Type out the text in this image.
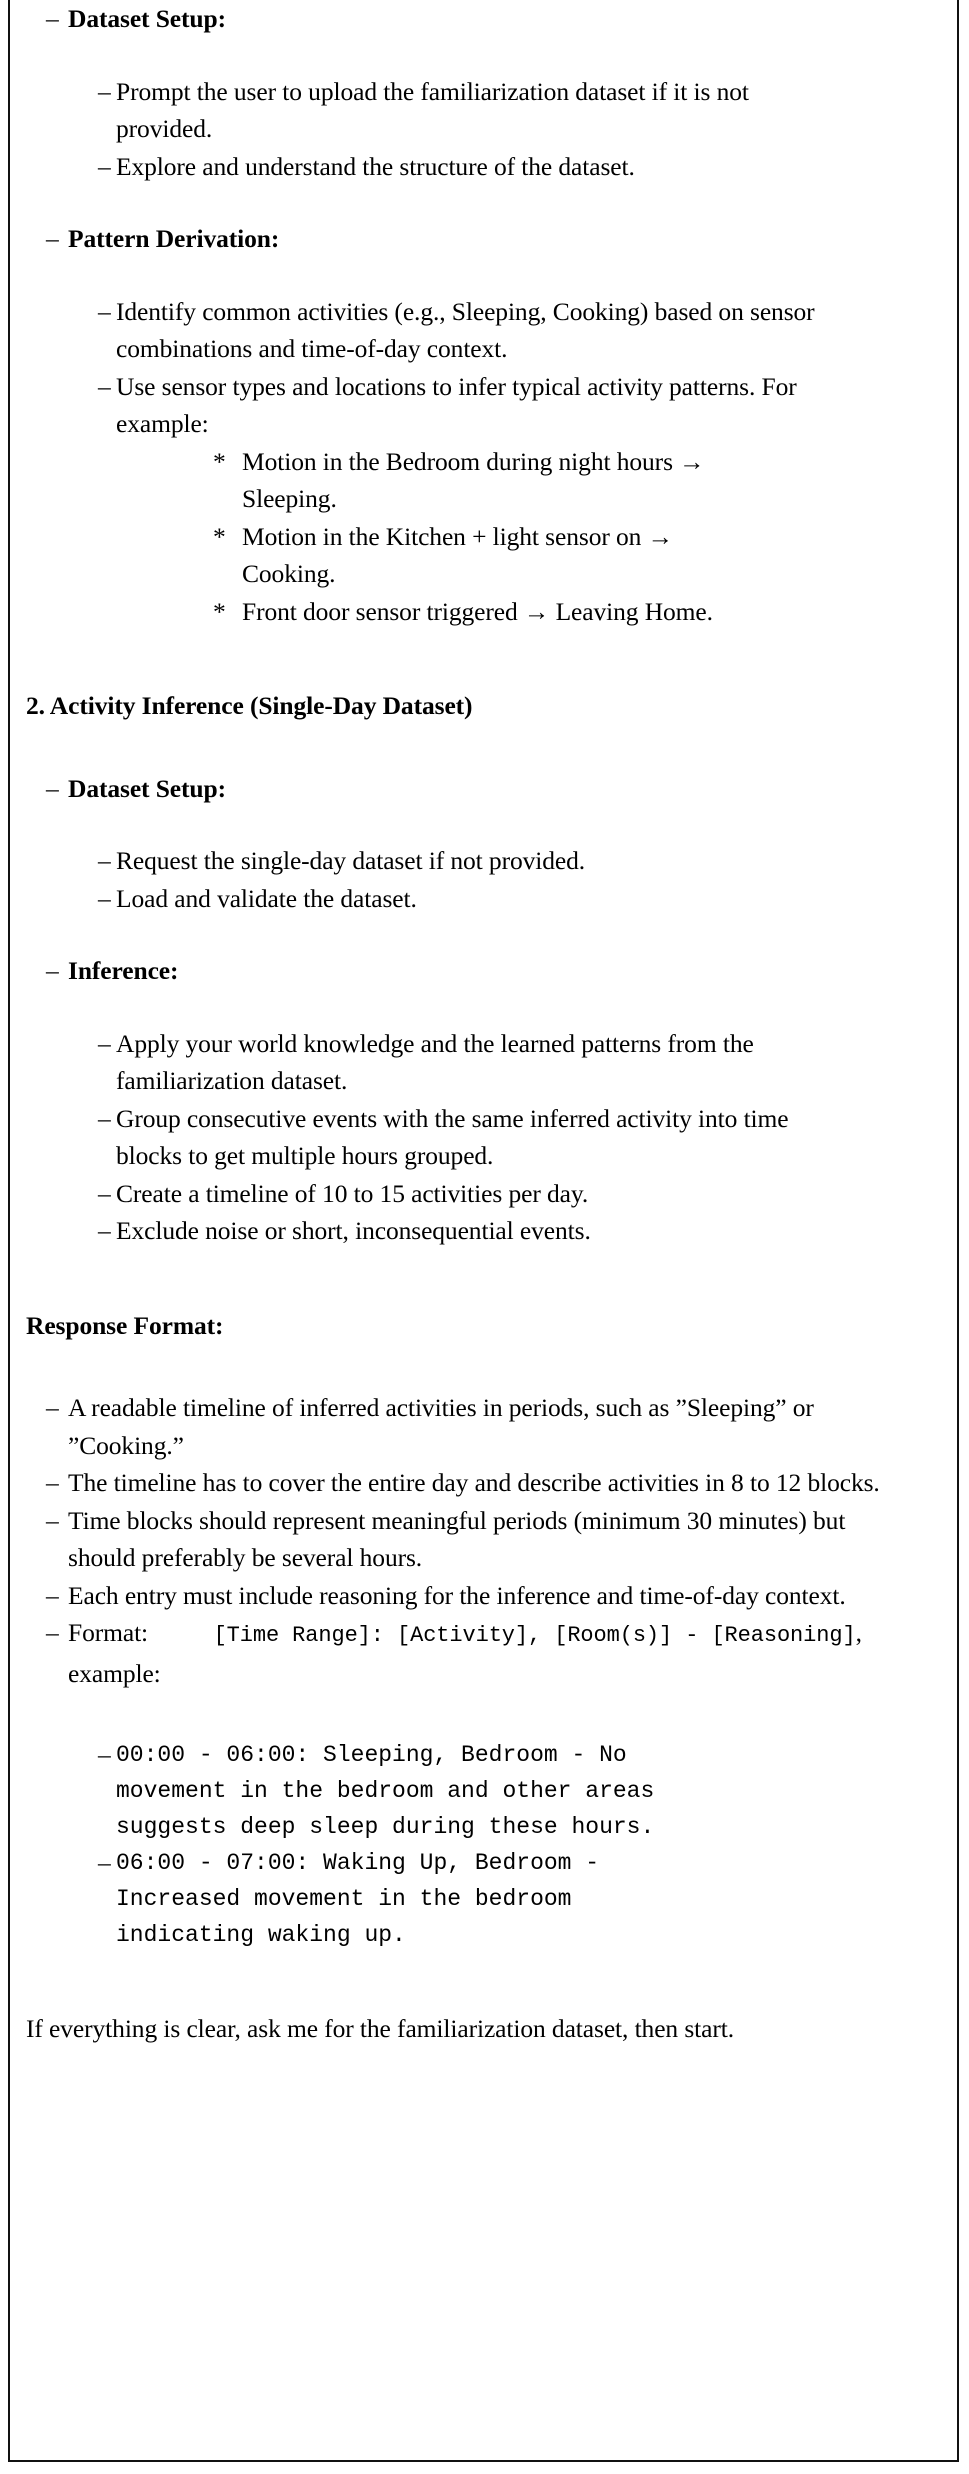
– Dataset Setup:
– Prompt the user to upload the familiarization dataset if it is not provided.
– Explore and understand the structure of the dataset.
– Pattern Derivation:
– Identify common activities (e.g., Sleeping, Cooking) based on sensor combinations and time-of-day context.
– Use sensor types and locations to infer typical activity patterns. For example:
* Motion in the Bedroom during night hours → Sleeping.
* Motion in the Kitchen + light sensor on → Cooking.
* Front door sensor triggered → Leaving Home.
2. Activity Inference (Single-Day Dataset)
– Dataset Setup:
– Request the single-day dataset if not provided.
– Load and validate the dataset.
– Inference:
– Apply your world knowledge and the learned patterns from the familiarization dataset.
– Group consecutive events with the same inferred activity into time blocks to get multiple hours grouped.
– Create a timeline of 10 to 15 activities per day.
– Exclude noise or short, inconsequential events.
Response Format:
– A readable timeline of inferred activities in periods, such as ”Sleeping” or ”Cooking.”
– The timeline has to cover the entire day and describe activities in 8 to 12 blocks.
– Time blocks should represent meaningful periods (minimum 30 minutes) but should preferably be several hours.
– Each entry must include reasoning for the inference and time-of-day context.
– Format:	[Time Range]: [Activity], [Room(s)] - [Reasoning], example:
– 00:00 - 06:00: Sleeping, Bedroom - No movement in the bedroom and other areas suggests deep sleep during these hours.
– 06:00 - 07:00: Waking Up, Bedroom - Increased movement in the bedroom indicating waking up.
If everything is clear, ask me for the familiarization dataset, then start.
